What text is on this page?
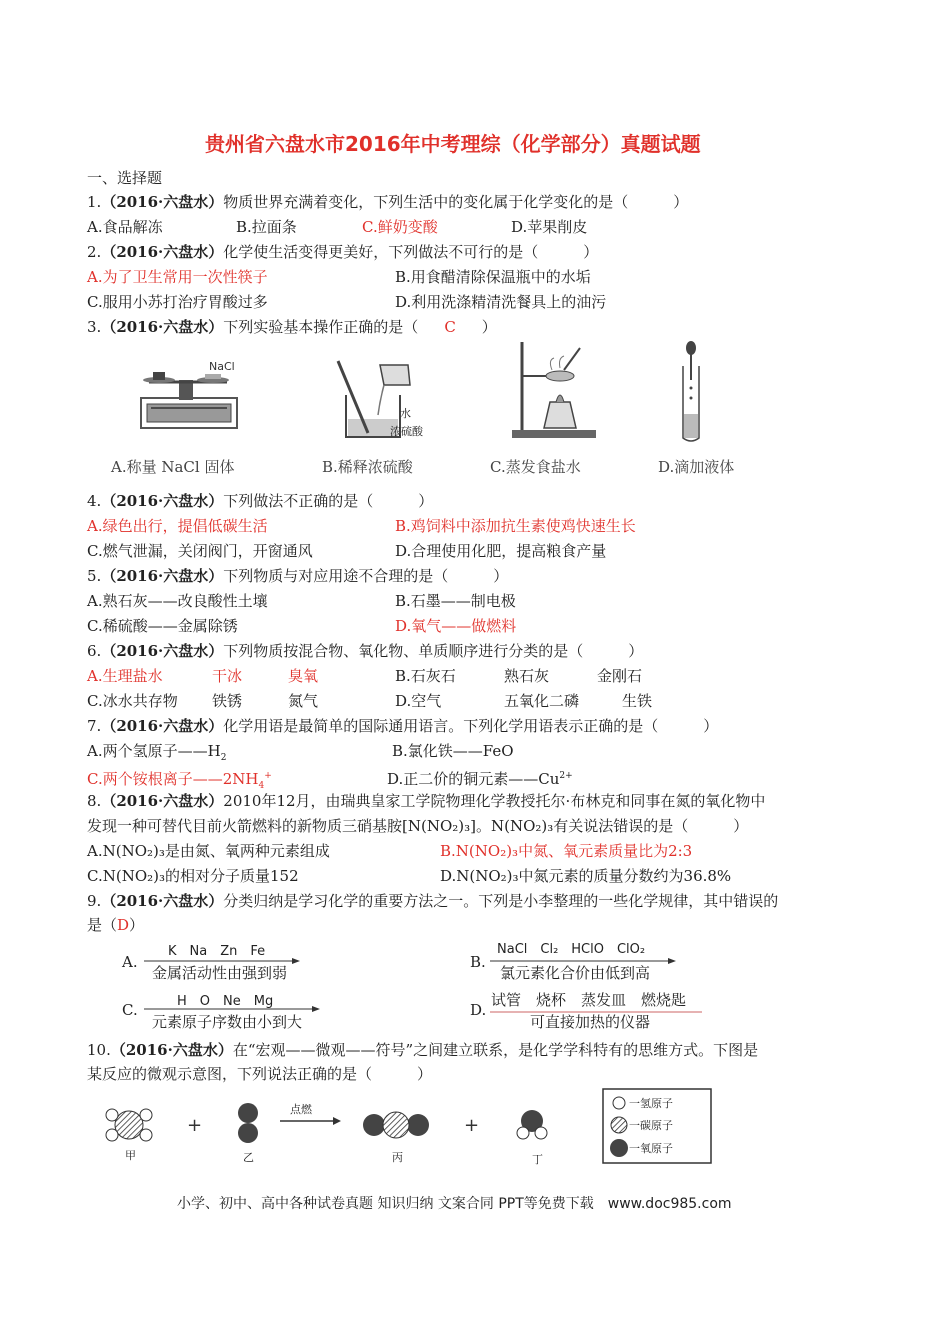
贵州省六盘水市2016年中考理综（化学部分）真题试题
一、选择题
1.（2016·六盘水）物质世界充满着变化，下列生活中的变化属于化学变化的是（　　　）
A.食品解冻	B.拉面条	C.鲜奶变酸	D.苹果削皮
2.（2016·六盘水）化学使生活变得更美好，下列做法不可行的是（　　　）
A.为了卫生常用一次性筷子	B.用食醋清除保温瓶中的水垢
C.服用小苏打治疗胃酸过多	D.利用洗涤精清洗餐具上的油污
3.（2016·六盘水）下列实验基本操作正确的是（ C ）
NaCl
A.称量 NaCl 固体
水
浓硫酸
B.稀释浓硫酸	C.蒸发食盐水	D.滴加液体
4.（2016·六盘水）下列做法不正确的是（　　　）
A.绿色出行，提倡低碳生活	B.鸡饲料中添加抗生素使鸡快速生长
C.燃气泄漏，关闭阀门，开窗通风	D.合理使用化肥，提高粮食产量
5.（2016·六盘水）下列物质与对应用途不合理的是（　　　）
A.熟石灰——改良酸性土壤	B.石墨——制电极
C.稀硫酸——金属除锈	D.氧气——做燃料
6.（2016·六盘水）下列物质按混合物、氧化物、单质顺序进行分类的是（　　　）
A.生理盐水	干冰	臭氧	B.石灰石	熟石灰	金刚石
C.冰水共存物 铁锈	氮气	D.空气	五氧化二磷	生铁
7.（2016·六盘水）化学用语是最简单的国际通用语言。下列化学用语表示正确的是（　　　）
A.两个氢原子$——H_2$	B.氯化铁——FeO
C.两个铵根离子$——2NH_4^+$	D.正二价的铜元素$——Cu^{2+}$
8.（2016·六盘水）2010年12月，由瑞典皇家工学院物理化学教授托尔·布林克和同事在氮的氧化物中
发现一种可替代目前火箭燃料的新物质三硝基胺[N(NO₂)₃]。N(NO₂)₃有关说法错误的是（　　　）
A.N(NO₂)₃是由氮、氧两种元素组成	B.N(NO₂)₃中氮、氧元素质量比为2:3
C.N(NO₂)₃的相对分子质量152	D.N(NO₂)₃中氮元素的质量分数约为36.8%
9.（2016·六盘水）分类归纳是学习化学的重要方法之一。下列是小李整理的一些化学规律，其中错误的
是（D）
A.
K　Na　Zn　Fe
金属活动性由强到弱
B.
NaCl　Cl₂　HClO　ClO₂
氯元素化合价由低到高
C.	H　O　Ne　Mg
元素原子序数由小到大
D.
试管　烧杯　蒸发皿　燃烧匙
可直接加热的仪器
10.（2016·六盘水）在“宏观——微观——符号”之间建立联系，是化学学科特有的思维方式。下图是
某反应的微观示意图，下列说法正确的是（　　　）
甲
+
乙
点燃
丙
+
丁
一氢原子
一碳原子
一氧原子
小学、初中、高中各种试卷真题 知识归纳 文案合同 PPT等免费下载　www.doc985.com
